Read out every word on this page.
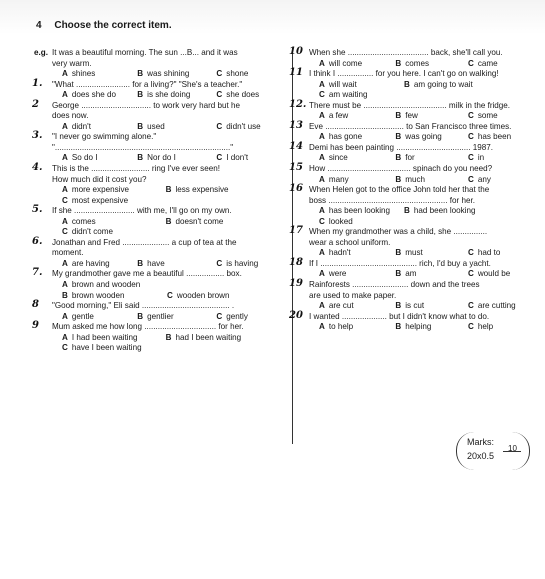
4 Choose the correct item.
e.g. It was a beautiful morning. The sun ...B... and it was
very warm.
A shines	B was shining	C shone
1.	"What ........................ for a living?" "She's a teacher."
A does she do	B is she doing	C she does
2	George ............................... to work very hard but he
does now.
A didn't	B used	C didn't use
3.	"I never go swimming alone."
".............................................................................."
A So do I	B Nor do I	C I don't
4.	This is the .......................... ring I've ever seen!
How much did it cost you?
A more expensive	B less expensive
C most expensive
5.	If she ........................... with me, I'll go on my own.
A comes	B doesn't come
C didn't come
6.	Jonathan and Fred ..................... a cup of tea at the
moment.
A are having	B have	C is having
7.	My grandmother gave me a beautiful ................. box.
A brown and wooden
B brown wooden	C wooden brown
8	"Good morning," Eli said ....................................... .
A gentle	B gentlier	C gently
9	Mum asked me how long ................................ for her.
A I had been waiting	B had I been waiting
C have I been waiting
10 When she .................................... back, she'll call you.
A will come	B comes	C came
11 I think I ................ for you here. I can't go on walking!
A will wait	B am going to wait
C am waiting
12. There must be ..................................... milk in the fridge.
A a few	B few	C some
13 Eve ................................... to San Francisco three times.
A has gone	B was going	C has been
14 Demi has been painting ................................. 1987.
A since	B for	C in
15 How ..................................... spinach do you need?
A many	B much	C any
16 When Helen got to the office John told her that the
boss ..................................................... for her.
A has been looking	B had been looking
C looked
17 When my grandmother was a child, she ...............
wear a school uniform.
A hadn't	B must	C had to
18 If I ........................................... rich, I'd buy a yacht.
A were	B am	C would be
19 Rainforests ......................... down and the trees
are used to make paper.
A are cut	B is cut	C are cutting
20 I wanted .................... but I didn't know what to do.
A to help	B helping	C help
Marks:
20x0.5
10
